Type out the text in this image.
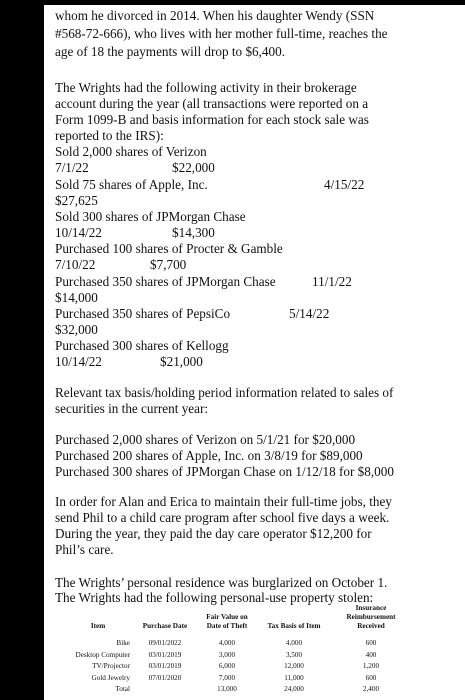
whom he divorced in 2014. When his daughter Wendy (SSN
#568-72-666), who lives with her mother full-time, reaches the
age of 18 the payments will drop to $6,400.
The Wrights had the following activity in their brokerage
account during the year (all transactions were reported on a
Form 1099-B and basis information for each stock sale was
reported to the IRS):
Sold 2,000 shares of Verizon
7/1/22	$22,000
Sold 75 shares of Apple, Inc.	4/15/22
$27,625
Sold 300 shares of JPMorgan Chase
10/14/22	$14,300
Purchased 100 shares of Procter & Gamble
7/10/22	$7,700
Purchased 350 shares of JPMorgan Chase	11/1/22
$14,000
Purchased 350 shares of PepsiCo	5/14/22
$32,000
Purchased 300 shares of Kellogg
10/14/22	$21,000
Relevant tax basis/holding period information related to sales of
securities in the current year:
Purchased 2,000 shares of Verizon on 5/1/21 for $20,000
Purchased 200 shares of Apple, Inc. on 3/8/19 for $89,000
Purchased 300 shares of JPMorgan Chase on 1/12/18 for $8,000
In order for Alan and Erica to maintain their full-time jobs, they
send Phil to a child care program after school five days a week.
During the year, they paid the day care operator $12,200 for
Phil’s care.
The Wrights’ personal residence was burglarized on October 1.
The Wrights had the following personal-use property stolen:
Item	Purchase Date	Fair Value on Date of Theft	Tax Basis of Item	Insurance Reimbursement Received

Bike	09/01/2022	4,000	4,000	600
Desktop Computer	03/01/2019	3,000	3,500	400
TV/Projector	03/01/2019	6,000	12,000	1,200
Gold Jewelry	07/01/2020	7,000	11,000	600
Total		13,000	24,000	2,400
